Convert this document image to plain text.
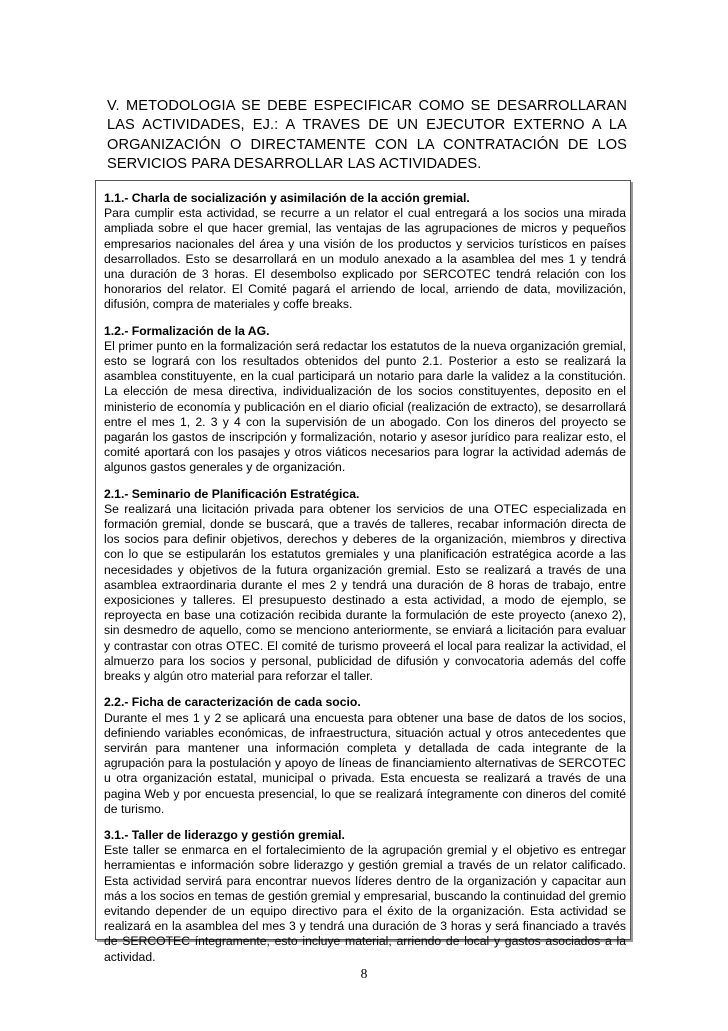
V. METODOLOGIA SE DEBE ESPECIFICAR COMO SE DESARROLLARAN LAS ACTIVIDADES, EJ.: A TRAVES DE UN EJECUTOR EXTERNO A LA ORGANIZACIÓN O DIRECTAMENTE CON LA CONTRATACIÓN DE LOS SERVICIOS PARA DESARROLLAR LAS ACTIVIDADES.

1.1.- Charla de socialización y asimilación de la acción gremial.

Para cumplir esta actividad, se recurre a un relator el cual entregará a los socios una mirada ampliada sobre el que hacer gremial, las ventajas de las agrupaciones de micros y pequeños empresarios nacionales del área y una visión de los productos y servicios turísticos en países desarrollados. Esto se desarrollará en un modulo anexado a la asamblea del mes 1 y tendrá una duración de 3 horas. El desembolso explicado por SERCOTEC tendrá relación con los honorarios del relator. El Comité pagará el arriendo de local, arriendo de data, movilización, difusión, compra de materiales y coffe breaks.

1.2.- Formalización de la AG.

El primer punto en la formalización será redactar los estatutos de la nueva organización gremial, esto se logrará con los resultados obtenidos del punto 2.1. Posterior a esto se realizará la asamblea constituyente, en la cual participará un notario para darle la validez a la constitución. La elección de mesa directiva, individualización de los socios constituyentes, deposito en el ministerio de economía y publicación en el diario oficial (realización de extracto), se desarrollará entre el mes 1, 2. 3 y 4 con la supervisión de un abogado. Con los dineros del proyecto se pagarán los gastos de inscripción y formalización, notario y asesor jurídico para realizar esto, el comité aportará con los pasajes y otros viáticos necesarios para lograr la actividad además de algunos gastos generales y de organización.

2.1.- Seminario de Planificación Estratégica.

Se realizará una licitación privada para obtener los servicios de una OTEC especializada en formación gremial, donde se buscará, que a través de talleres, recabar información directa de los socios para definir objetivos, derechos y deberes de la organización, miembros y directiva con lo que se estipularán los estatutos gremiales y una planificación estratégica acorde a las necesidades y objetivos de la futura organización gremial. Esto se realizará a través de una asamblea extraordinaria durante el mes 2 y tendrá una duración de 8 horas de trabajo, entre exposiciones y talleres. El presupuesto destinado a esta actividad, a modo de ejemplo, se reproyecta en base una cotización recibida durante la formulación de este proyecto (anexo 2), sin desmedro de aquello, como se menciono anteriormente, se enviará a licitación para evaluar y contrastar con otras OTEC. El comité de turismo proveerá el local para realizar la actividad, el almuerzo para los socios y personal, publicidad de difusión y convocatoria además del coffe breaks y algún otro material para reforzar el taller.

2.2.- Ficha de caracterización de cada socio.

Durante el mes 1 y 2 se aplicará una encuesta para obtener una base de datos de los socios, definiendo variables económicas, de infraestructura, situación actual y otros antecedentes que servirán para mantener una información completa y detallada de cada integrante de la agrupación para la postulación y apoyo de líneas de financiamiento alternativas de SERCOTEC u otra organización estatal, municipal o privada. Esta encuesta se realizará a través de una pagina Web y por encuesta presencial, lo que se realizará íntegramente con dineros del comité de turismo.

3.1.- Taller de liderazgo y gestión gremial.

Este taller se enmarca en el fortalecimiento de la agrupación gremial y el objetivo es entregar herramientas e información sobre liderazgo y gestión gremial a través de un relator calificado. Esta actividad servirá para encontrar nuevos líderes dentro de la organización y capacitar aun más a los socios en temas de gestión gremial y empresarial, buscando la continuidad del gremio evitando depender de un equipo directivo para el éxito de la organización. Esta actividad se realizará en la asamblea del mes 3 y tendrá una duración de 3 horas y será financiado a través de SERCOTEC íntegramente, esto incluye material, arriendo de local y gastos asociados a la actividad.

8
